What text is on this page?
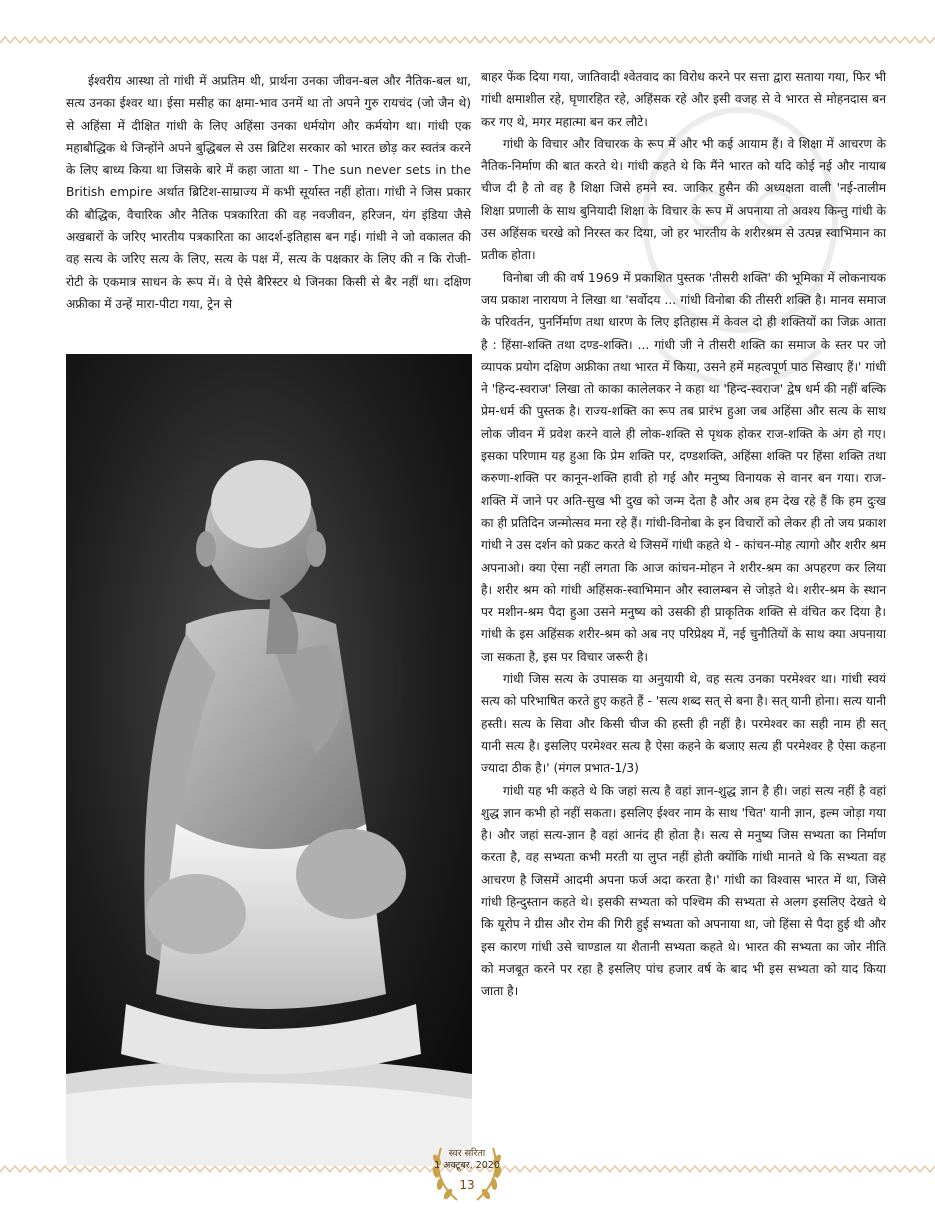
ईश्वरीय आस्था तो गांधी में अप्रतिम थी, प्रार्थना उनका जीवन-बल और नैतिक-बल था, सत्य उनका ईश्वर था। ईसा मसीह का क्षमा-भाव उनमें था तो अपने गुरु रायचंद (जो जैन थे) से अहिंसा में दीक्षित गांधी के लिए अहिंसा उनका धर्मयोग और कर्मयोग था। गांधी एक महाबौद्धिक थे जिन्होंने अपने बुद्धिबल से उस ब्रिटिश सरकार को भारत छोड़ कर स्वतंत्र करने के लिए बाध्य किया था जिसके बारे में कहा जाता था - The sun never sets in the British empire अर्थात ब्रिटिश-साम्राज्य में कभी सूर्यास्त नहीं होता। गांधी ने जिस प्रकार की बौद्धिक, वैचारिक और नैतिक पत्रकारिता की वह नवजीवन, हरिजन, यंग इंडिया जैसे अखबारों के जरिए भारतीय पत्रकारिता का आदर्श-इतिहास बन गई। गांधी ने जो वकालत की वह सत्य के जरिए सत्य के लिए, सत्य के पक्ष में, सत्य के पक्षकार के लिए की न कि रोजी-रोटी के एकमात्र साधन के रूप में। वे ऐसे बैरिस्टर थे जिनका किसी से बैर नहीं था। दक्षिण अफ्रीका में उन्हें मारा-पीटा गया, ट्रेन से

बाहर फेंक दिया गया, जातिवादी श्वेतवाद का विरोध करने पर सत्ता द्वारा सताया गया, फिर भी गांधी क्षमाशील रहे, घृणारहित रहे, अहिंसक रहे और इसी वजह से वे भारत से मोहनदास बन कर गए थे, मगर महात्मा बन कर लौटे।

गांधी के विचार और विचारक के रूप में और भी कई आयाम हैं। वे शिक्षा में आचरण के नैतिक-निर्माण की बात करते थे। गांधी कहते थे कि मैंने भारत को यदि कोई नई और नायाब चीज दी है तो वह है शिक्षा जिसे हमने स्व. जाकिर हुसैन की अध्यक्षता वाली 'नई-तालीम शिक्षा प्रणाली के साथ बुनियादी शिक्षा के विचार के रूप में अपनाया तो अवश्य किन्तु गांधी के उस अहिंसक चरखे को निरस्त कर दिया, जो हर भारतीय के शरीरश्रम से उत्पन्न स्वाभिमान का प्रतीक होता।

विनोबा जी की वर्ष 1969 में प्रकाशित पुस्तक 'तीसरी शक्ति' की भूमिका में लोकनायक जय प्रकाश नारायण ने लिखा था 'सर्वोदय ... गांधी विनोबा की तीसरी शक्ति है। मानव समाज के परिवर्तन, पुनर्निर्माण तथा धारण के लिए इतिहास में केवल दो ही शक्तियों का जिक्र आता है : हिंसा-शक्ति तथा दण्ड-शक्ति। ... गांधी जी ने तीसरी शक्ति का समाज के स्तर पर जो व्यापक प्रयोग दक्षिण अफ्रीका तथा भारत में किया, उसने हमें महत्वपूर्ण पाठ सिखाए हैं।' गांधी ने 'हिन्द-स्वराज' लिखा तो काका कालेलकर ने कहा था 'हिन्द-स्वराज' द्वेष धर्म की नहीं बल्कि प्रेम-धर्म की पुस्तक है। राज्य-शक्ति का रूप तब प्रारंभ हुआ जब अहिंसा और सत्य के साथ लोक जीवन में प्रवेश करने वाले ही लोक-शक्ति से पृथक होकर राज-शक्ति के अंग हो गए। इसका परिणाम यह हुआ कि प्रेम शक्ति पर, दण्डशक्ति, अहिंसा शक्ति पर हिंसा शक्ति तथा करुणा-शक्ति पर कानून-शक्ति हावी हो गई और मनुष्य विनायक से वानर बन गया। राज-शक्ति में जाने पर अति-सुख भी दुख को जन्म देता है और अब हम देख रहे हैं कि हम दुःख का ही प्रतिदिन जन्मोत्सव मना रहे हैं। गांधी-विनोबा के इन विचारों को लेकर ही तो जय प्रकाश गांधी ने उस दर्शन को प्रकट करते थे जिसमें गांधी कहते थे - कांचन-मोह त्यागो और शरीर श्रम अपनाओ। क्या ऐसा नहीं लगता कि आज कांचन-मोहन ने शरीर-श्रम का अपहरण कर लिया है। शरीर श्रम को गांधी अहिंसक-स्वाभिमान और स्वालम्बन से जोड़ते थे। शरीर-श्रम के स्थान पर मशीन-श्रम पैदा हुआ उसने मनुष्य को उसकी ही प्राकृतिक शक्ति से वंचित कर दिया है। गांधी के इस अहिंसक शरीर-श्रम को अब नए परिप्रेक्ष्य में, नई चुनौतियों के साथ क्या अपनाया जा सकता है, इस पर विचार जरूरी है।

गांधी जिस सत्य के उपासक या अनुयायी थे, वह सत्य उनका परमेश्वर था। गांधी स्वयं सत्य को परिभाषित करते हुए कहते हैं - 'सत्य शब्द सत् से बना है। सत् यानी होना। सत्य यानी हस्ती। सत्य के सिवा और किसी चीज की हस्ती ही नहीं है। परमेश्वर का सही नाम ही सत् यानी सत्य है। इसलिए परमेश्वर सत्य है ऐसा कहने के बजाए सत्य ही परमेश्वर है ऐसा कहना ज्यादा ठीक है।' (मंगल प्रभात-1/3)

गांधी यह भी कहते थे कि जहां सत्य है वहां ज्ञान-शुद्ध ज्ञान है ही। जहां सत्य नहीं है वहां शुद्ध ज्ञान कभी हो नहीं सकता। इसलिए ईश्वर नाम के साथ 'चित' यानी ज्ञान, इल्म जोड़ा गया है। और जहां सत्य-ज्ञान है वहां आनंद ही होता है। सत्य से मनुष्य जिस सभ्यता का निर्माण करता है, वह सभ्यता कभी मरती या लुप्त नहीं होती क्योंकि गांधी मानते थे कि सभ्यता वह आचरण है जिसमें आदमी अपना फर्ज अदा करता है।' गांधी का विश्वास भारत में था, जिसे गांधी हिन्दुस्तान कहते थे। इसकी सभ्यता को पश्चिम की सभ्यता से अलग इसलिए देखते थे कि यूरोप ने ग्रीस और रोम की गिरी हुई सभ्यता को अपनाया था, जो हिंसा से पैदा हुई थी और इस कारण गांधी उसे चाण्डाल या शैतानी सभ्यता कहते थे। भारत की सभ्यता का जोर नीति को मजबूत करने पर रहा है इसलिए पांच हजार वर्ष के बाद भी इस सभ्यता को याद किया जाता है।

स्वर सरिता
1 अक्टूबर, 2020
13
